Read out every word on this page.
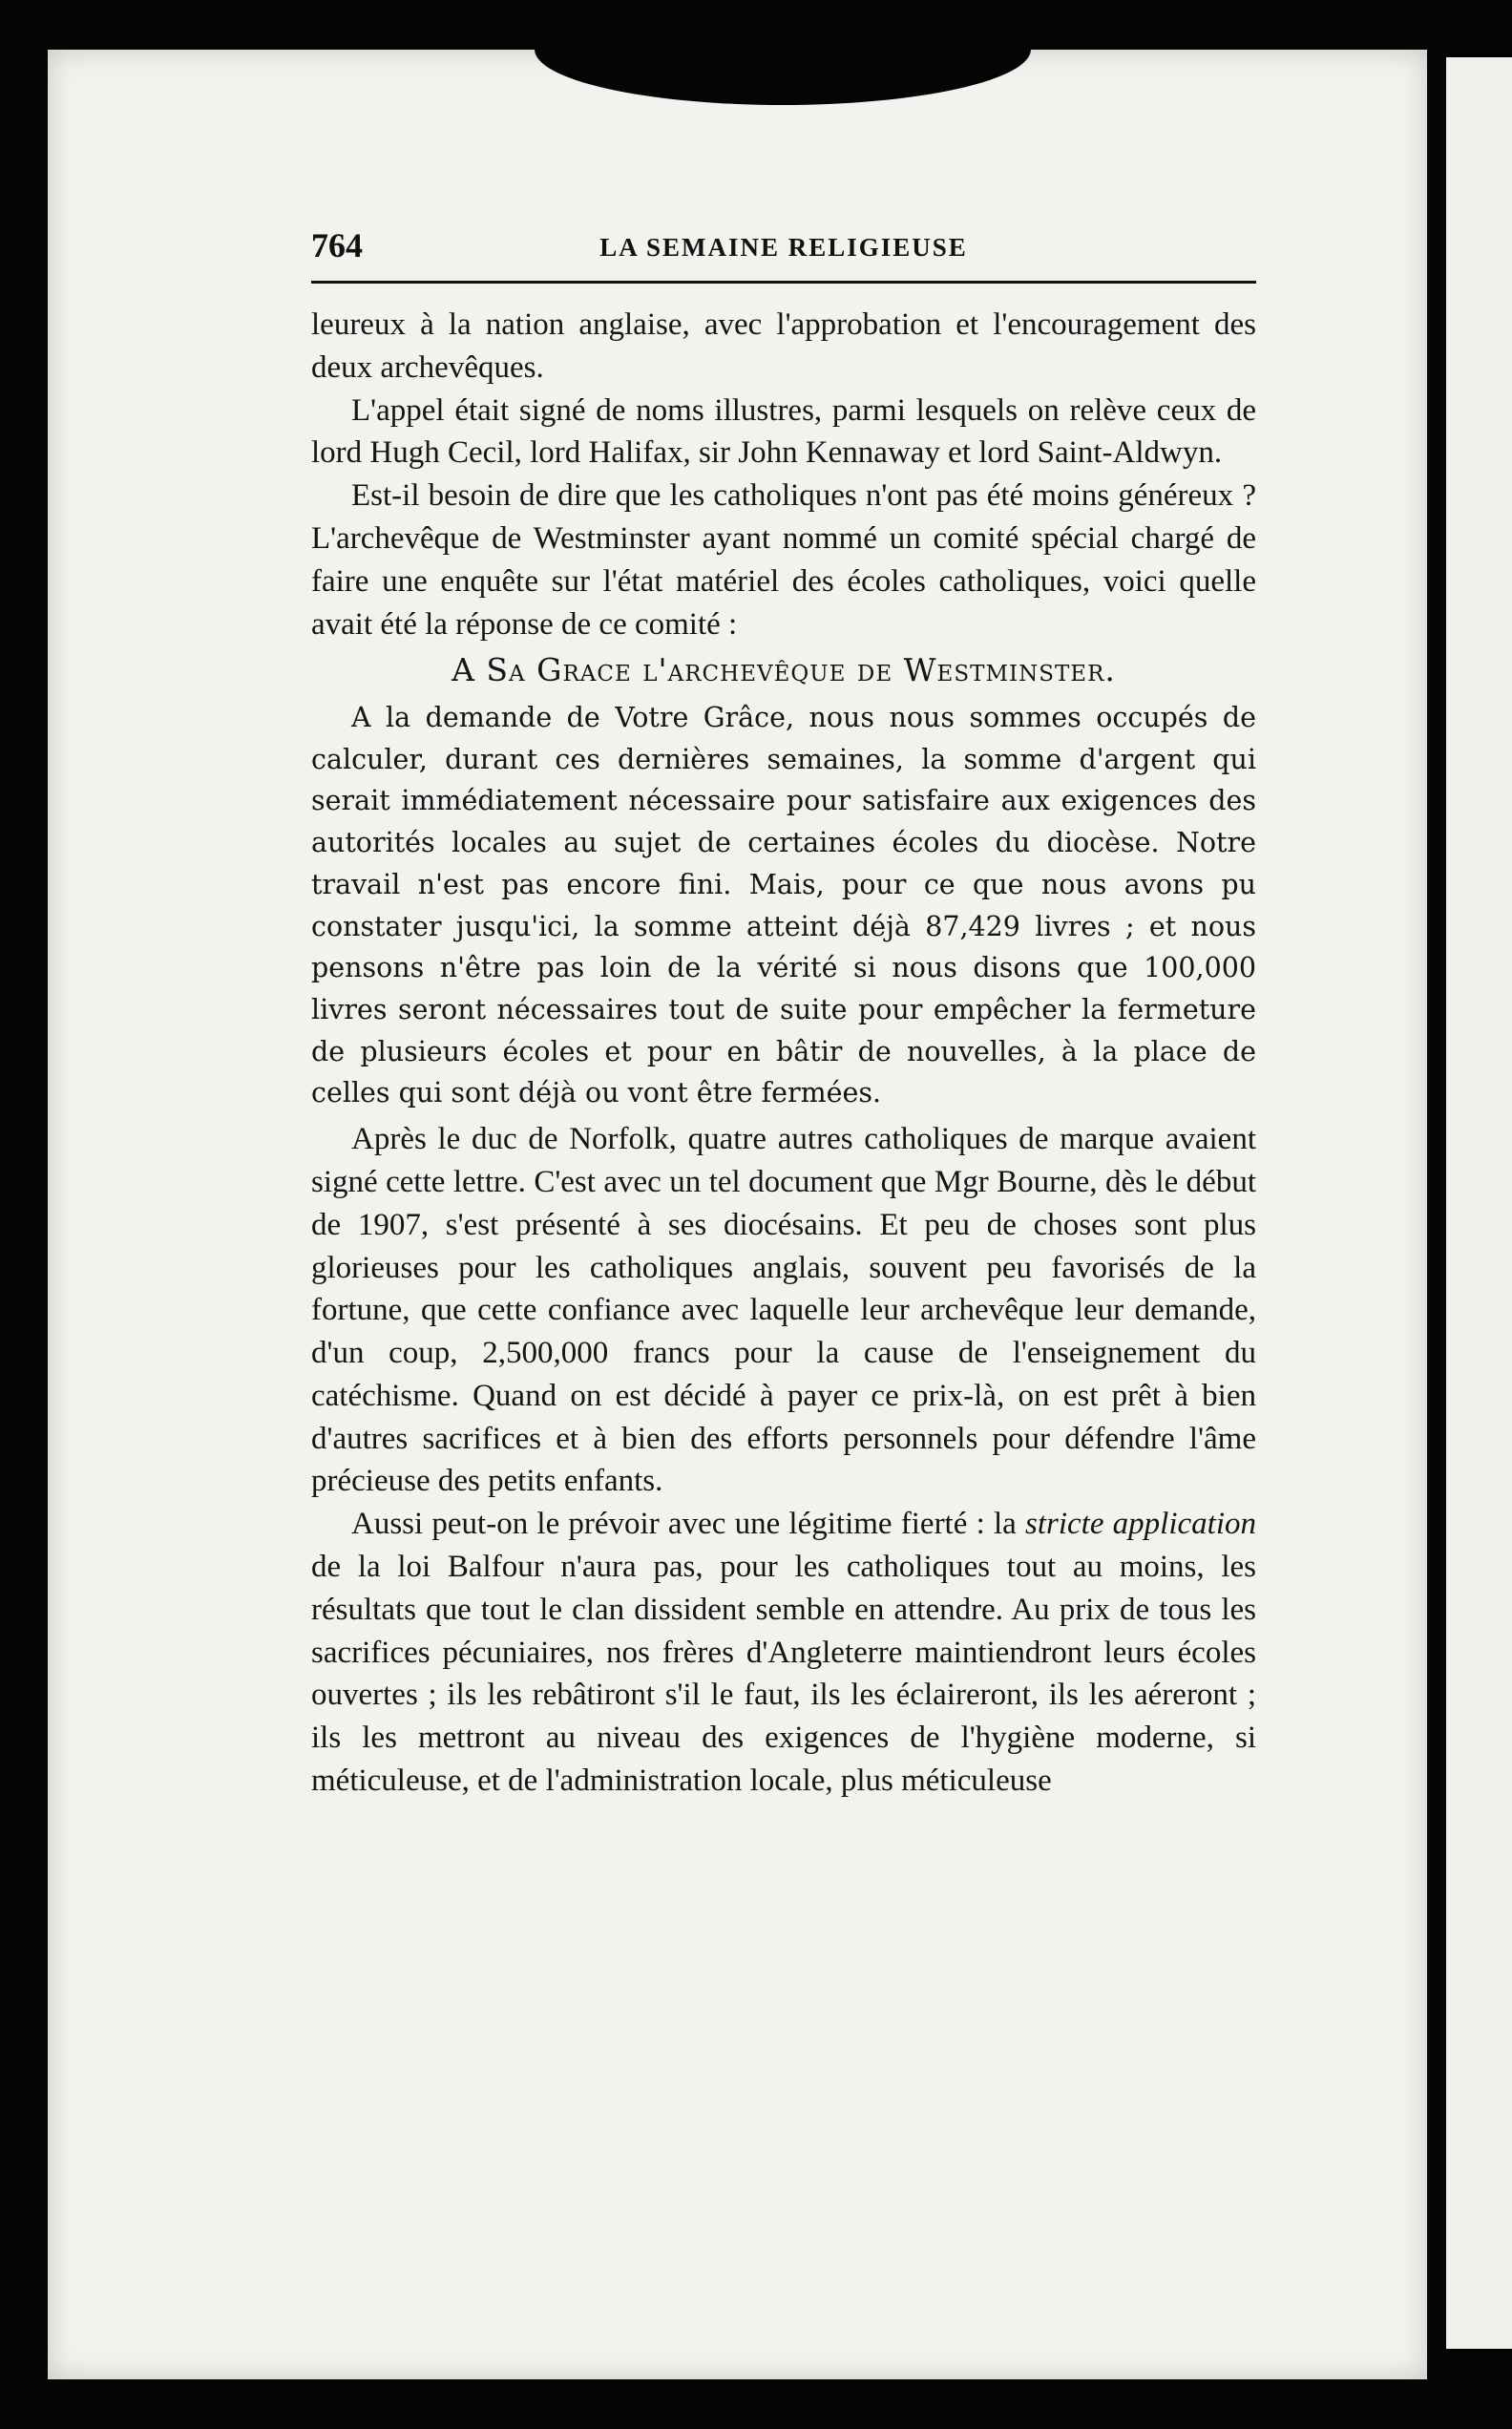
764	LA SEMAINE RELIGIEUSE

leureux à la nation anglaise, avec l'approbation et l'encouragement des deux archevêques.

L'appel était signé de noms illustres, parmi lesquels on relève ceux de lord Hugh Cecil, lord Halifax, sir John Kennaway et lord Saint-Aldwyn.

Est-il besoin de dire que les catholiques n'ont pas été moins généreux ? L'archevêque de Westminster ayant nommé un comité spécial chargé de faire une enquête sur l'état matériel des écoles catholiques, voici quelle avait été la réponse de ce comité :

A Sa Grace l'archevêque de Westminster.

A la demande de Votre Grâce, nous nous sommes occupés de calculer, durant ces dernières semaines, la somme d'argent qui serait immédiatement nécessaire pour satisfaire aux exigences des autorités locales au sujet de certaines écoles du diocèse. Notre travail n'est pas encore fini. Mais, pour ce que nous avons pu constater jusqu'ici, la somme atteint déjà 87,429 livres ; et nous pensons n'être pas loin de la vérité si nous disons que 100,000 livres seront nécessaires tout de suite pour empêcher la fermeture de plusieurs écoles et pour en bâtir de nouvelles, à la place de celles qui sont déjà ou vont être fermées.

Après le duc de Norfolk, quatre autres catholiques de marque avaient signé cette lettre. C'est avec un tel document que Mgr Bourne, dès le début de 1907, s'est présenté à ses diocésains. Et peu de choses sont plus glorieuses pour les catholiques anglais, souvent peu favorisés de la fortune, que cette confiance avec laquelle leur archevêque leur demande, d'un coup, 2,500,000 francs pour la cause de l'enseignement du catéchisme. Quand on est décidé à payer ce prix-là, on est prêt à bien d'autres sacrifices et à bien des efforts personnels pour défendre l'âme précieuse des petits enfants.

Aussi peut-on le prévoir avec une légitime fierté : la stricte application de la loi Balfour n'aura pas, pour les catholiques tout au moins, les résultats que tout le clan dissident semble en attendre. Au prix de tous les sacrifices pécuniaires, nos frères d'Angleterre maintiendront leurs écoles ouvertes ; ils les rebâtiront s'il le faut, ils les éclaireront, ils les aéreront ; ils les mettront au niveau des exigences de l'hygiène moderne, si méticuleuse, et de l'administration locale, plus méticuleuse
